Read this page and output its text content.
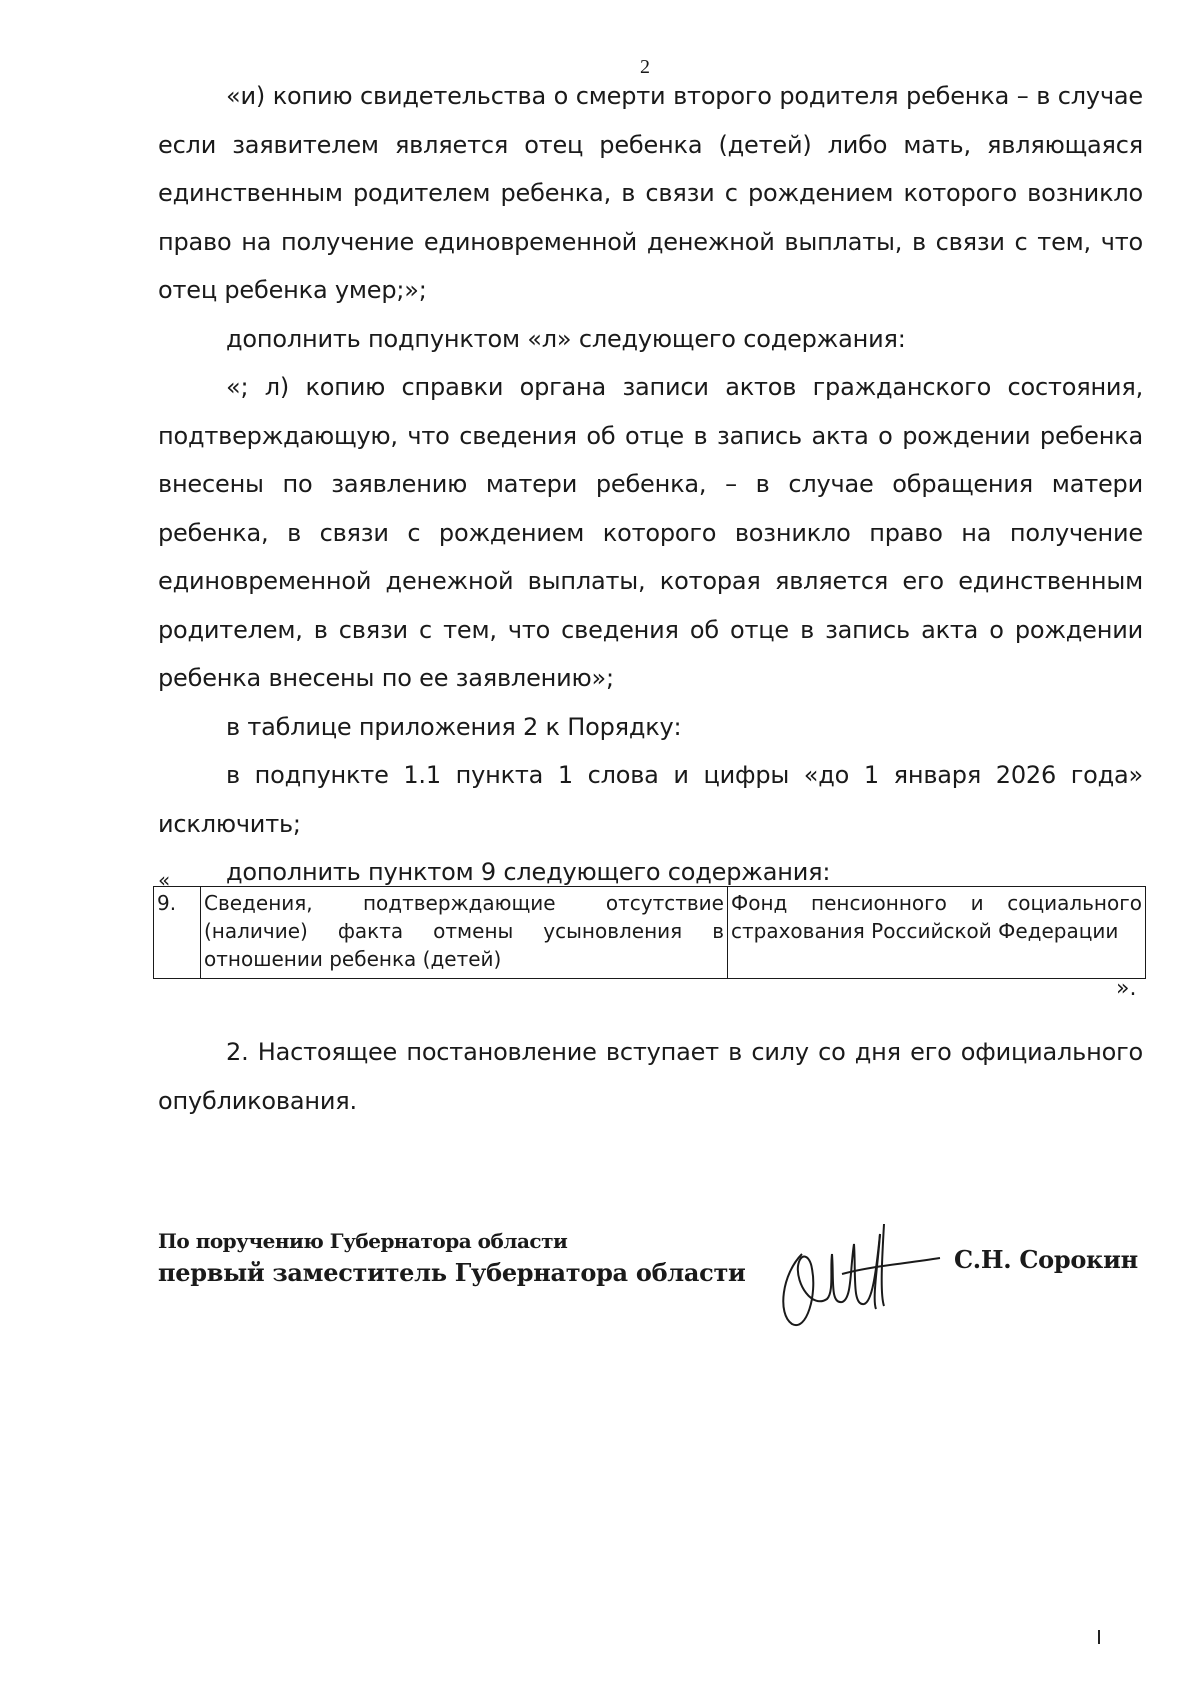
2

«и) копию свидетельства о смерти второго родителя ребенка – в случае если заявителем является отец ребенка (детей) либо мать, являющаяся единственным родителем ребенка, в связи с рождением которого возникло право на получение единовременной денежной выплаты, в связи с тем, что отец ребенка умер;»;

дополнить подпунктом «л» следующего содержания:

«; л) копию справки органа записи актов гражданского состояния, подтверждающую, что сведения об отце в запись акта о рождении ребенка внесены по заявлению матери ребенка, – в случае обращения матери ребенка, в связи с рождением которого возникло право на получение единовременной денежной выплаты, которая является его единственным родителем, в связи с тем, что сведения об отце в запись акта о рождении ребенка внесены по ее заявлению»;

в таблице приложения 2 к Порядку:

в подпункте 1.1 пункта 1 слова и цифры «до 1 января 2026 года» исключить;

дополнить пунктом 9 следующего содержания:

«
9.	Сведения, подтверждающие отсутствие (наличие) факта отмены усыновления в отношении ребенка (детей)	Фонд пенсионного и социального страхования Российской Федерации
».

2. Настоящее постановление вступает в силу со дня его официального опубликования.

По поручению Губернатора области
первый заместитель Губернатора области	С.Н. Сорокин
